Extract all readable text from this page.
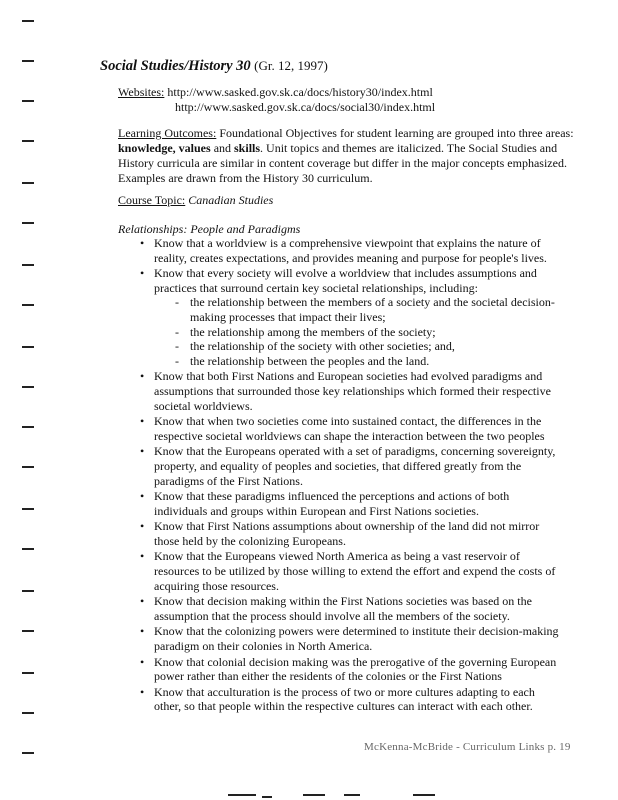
Social Studies/History 30 (Gr. 12, 1997)
Websites: http://www.sasked.gov.sk.ca/docs/history30/index.html
http://www.sasked.gov.sk.ca/docs/social30/index.html
Learning Outcomes: Foundational Objectives for student learning are grouped into three areas: knowledge, values and skills. Unit topics and themes are italicized. The Social Studies and History curricula are similar in content coverage but differ in the major concepts emphasized. Examples are drawn from the History 30 curriculum.
Course Topic: Canadian Studies
Relationships: People and Paradigms
• Know that a worldview is a comprehensive viewpoint that explains the nature of reality, creates expectations, and provides meaning and purpose for people's lives.
• Know that every society will evolve a worldview that includes assumptions and practices that surround certain key societal relationships, including:
- the relationship between the members of a society and the societal decision-making processes that impact their lives;
- the relationship among the members of the society;
- the relationship of the society with other societies; and,
- the relationship between the peoples and the land.
• Know that both First Nations and European societies had evolved paradigms and assumptions that surrounded those key relationships which formed their respective societal worldviews.
• Know that when two societies come into sustained contact, the differences in the respective societal worldviews can shape the interaction between the two peoples
• Know that the Europeans operated with a set of paradigms, concerning sovereignty, property, and equality of peoples and societies, that differed greatly from the paradigms of the First Nations.
• Know that these paradigms influenced the perceptions and actions of both individuals and groups within European and First Nations societies.
• Know that First Nations assumptions about ownership of the land did not mirror those held by the colonizing Europeans.
• Know that the Europeans viewed North America as being a vast reservoir of resources to be utilized by those willing to extend the effort and expend the costs of acquiring those resources.
• Know that decision making within the First Nations societies was based on the assumption that the process should involve all the members of the society.
• Know that the colonizing powers were determined to institute their decision-making paradigm on their colonies in North America.
• Know that colonial decision making was the prerogative of the governing European power rather than either the residents of the colonies or the First Nations
• Know that acculturation is the process of two or more cultures adapting to each other, so that people within the respective cultures can interact with each other.
McKenna-McBride - Curriculum Links p. 19
